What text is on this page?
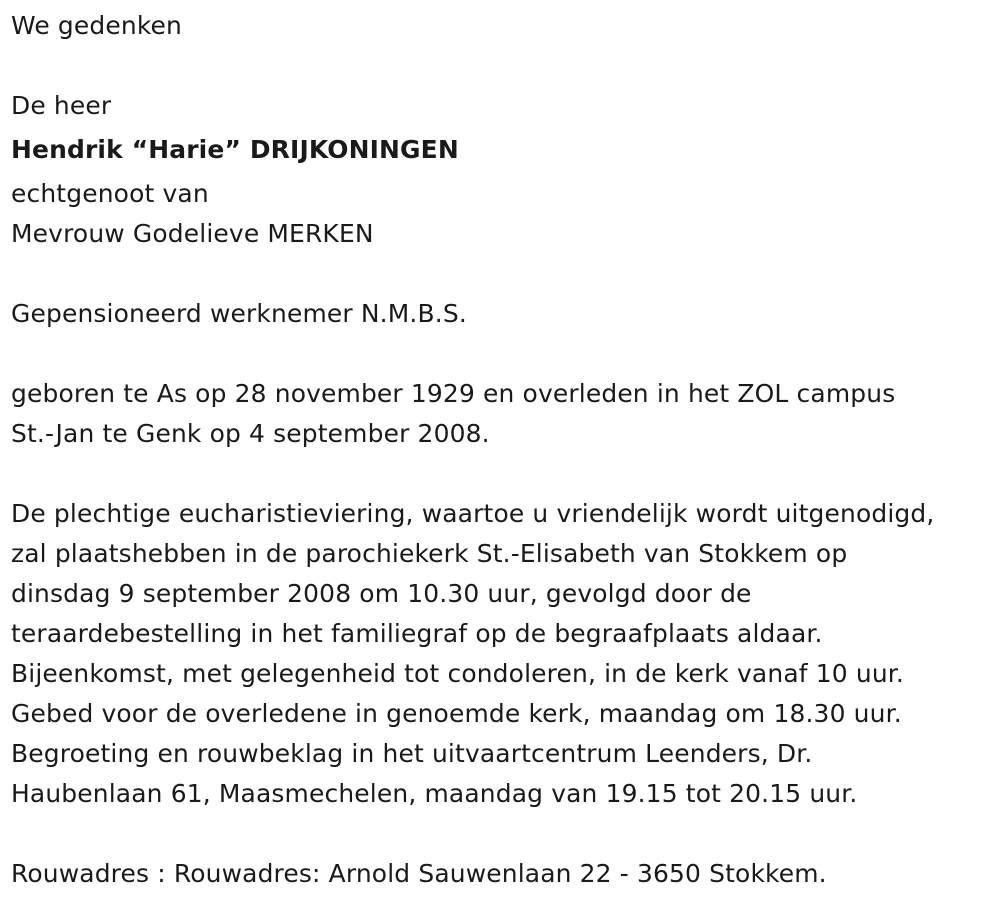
We gedenken

De heer

Hendrik “Harie” DRIJKONINGEN

echtgenoot van

Mevrouw Godelieve MERKEN

Gepensioneerd werknemer N.M.B.S.

geboren te As op 28 november 1929 en overleden in het ZOL campus

St.-Jan te Genk op 4 september 2008.

De plechtige eucharistieviering, waartoe u vriendelijk wordt uitgenodigd,

zal plaatshebben in de parochiekerk St.-Elisabeth van Stokkem op

dinsdag 9 september 2008 om 10.30 uur, gevolgd door de

teraardebestelling in het familiegraf op de begraafplaats aldaar.

Bijeenkomst, met gelegenheid tot condoleren, in de kerk vanaf 10 uur.

Gebed voor de overledene in genoemde kerk, maandag om 18.30 uur.

Begroeting en rouwbeklag in het uitvaartcentrum Leenders, Dr.

Haubenlaan 61, Maasmechelen, maandag van 19.15 tot 20.15 uur.

Rouwadres : Rouwadres: Arnold Sauwenlaan 22 - 3650 Stokkem.
